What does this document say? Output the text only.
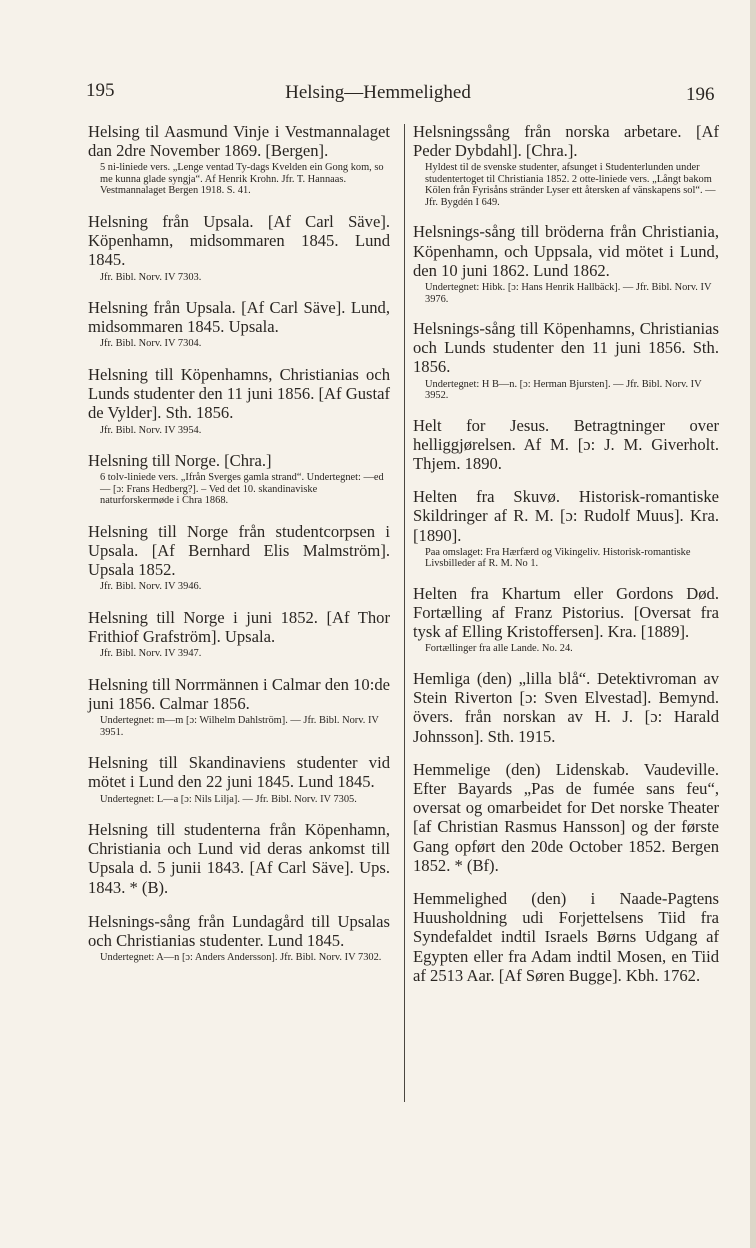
195	Helsing—Hemmelighed	196

Helsing til Aasmund Vinje i Vestmannalaget dan 2dre November 1869. [Bergen].

5 ni-liniede vers. „Lenge ventad Ty-dags Kvelden ein Gong kom, so me kunna glade syngja“. Af Henrik Krohn. Jfr. T. Hannaas. Vestmannalaget Bergen 1918. S. 41.

Helsning från Upsala. [Af Carl Säve]. Köpenhamn, midsommaren 1845. Lund 1845.

Jfr. Bibl. Norv. IV 7303.

Helsning från Upsala. [Af Carl Säve]. Lund, midsommaren 1845. Upsala.

Jfr. Bibl. Norv. IV 7304.

Helsning till Köpenhamns, Christianias och Lunds studenter den 11 juni 1856. [Af Gustaf de Vylder]. Sth. 1856.

Jfr. Bibl. Norv. IV 3954.

Helsning till Norge. [Chra.]

6 tolv-liniede vers. „Ifrån Sverges gamla strand“. Undertegnet: —ed— [ɔ: Frans Hedberg?]. – Ved det 10. skandinaviske naturforskermøde i Chra 1868.

Helsning till Norge från studentcorpsen i Upsala. [Af Bernhard Elis Malmström]. Upsala 1852.

Jfr. Bibl. Norv. IV 3946.

Helsning till Norge i juni 1852. [Af Thor Frithiof Grafström]. Upsala.

Jfr. Bibl. Norv. IV 3947.

Helsning till Norrmännen i Calmar den 10:de juni 1856. Calmar 1856.

Undertegnet: m—m [ɔ: Wilhelm Dahlström]. — Jfr. Bibl. Norv. IV 3951.

Helsning till Skandinaviens studenter vid mötet i Lund den 22 juni 1845. Lund 1845.

Undertegnet: L—a [ɔ: Nils Lilja]. — Jfr. Bibl. Norv. IV 7305.

Helsning till studenterna från Köpenhamn, Christiania och Lund vid deras ankomst till Upsala d. 5 junii 1843. [Af Carl Säve]. Ups. 1843. * (B).

Helsnings-sång från Lundagård till Upsalas och Christianias studenter. Lund 1845.

Undertegnet: A—n [ɔ: Anders Andersson]. Jfr. Bibl. Norv. IV 7302.

Helsningssång från norska arbetare. [Af Peder Dybdahl]. [Chra.].

Hyldest til de svenske studenter, afsunget i Studenterlunden under studentertoget til Christiania 1852. 2 otte-liniede vers. „Långt bakom Kölen från Fyrisåns stränder Lyser ett återsken af vänskapens sol“. — Jfr. Bygdén I 649.

Helsnings-sång till bröderna från Christiania, Köpenhamn, och Uppsala, vid mötet i Lund, den 10 juni 1862. Lund 1862.

Undertegnet: Hibk. [ɔ: Hans Henrik Hallbäck]. — Jfr. Bibl. Norv. IV 3976.

Helsnings-sång till Köpenhamns, Christianias och Lunds studenter den 11 juni 1856. Sth. 1856.

Undertegnet: H B—n. [ɔ: Herman Bjursten]. — Jfr. Bibl. Norv. IV 3952.

Helt for Jesus. Betragtninger over helliggjørelsen. Af M. [ɔ: J. M. Giverholt. Thjem. 1890.

Helten fra Skuvø. Historisk-romantiske Skildringer af R. M. [ɔ: Rudolf Muus]. Kra. [1890].

Paa omslaget: Fra Hærfærd og Vikingeliv. Historisk-romantiske Livsbilleder af R. M. No 1.

Helten fra Khartum eller Gordons Død. Fortælling af Franz Pistorius. [Oversat fra tysk af Elling Kristoffersen]. Kra. [1889].

Fortællinger fra alle Lande. No. 24.

Hemliga (den) „lilla blå“. Detektivroman av Stein Riverton [ɔ: Sven Elvestad]. Bemynd. övers. från norskan av H. J. [ɔ: Harald Johnsson]. Sth. 1915.

Hemmelige (den) Lidenskab. Vaudeville. Efter Bayards „Pas de fumée sans feu“, oversat og omarbeidet for Det norske Theater [af Christian Rasmus Hansson] og der første Gang opført den 20de October 1852. Bergen 1852. * (Bf).

Hemmelighed (den) i Naade-Pagtens Huusholdning udi Forjettelsens Tiid fra Syndefaldet indtil Israels Børns Udgang af Egypten eller fra Adam indtil Mosen, en Tiid af 2513 Aar. [Af Søren Bugge]. Kbh. 1762.
